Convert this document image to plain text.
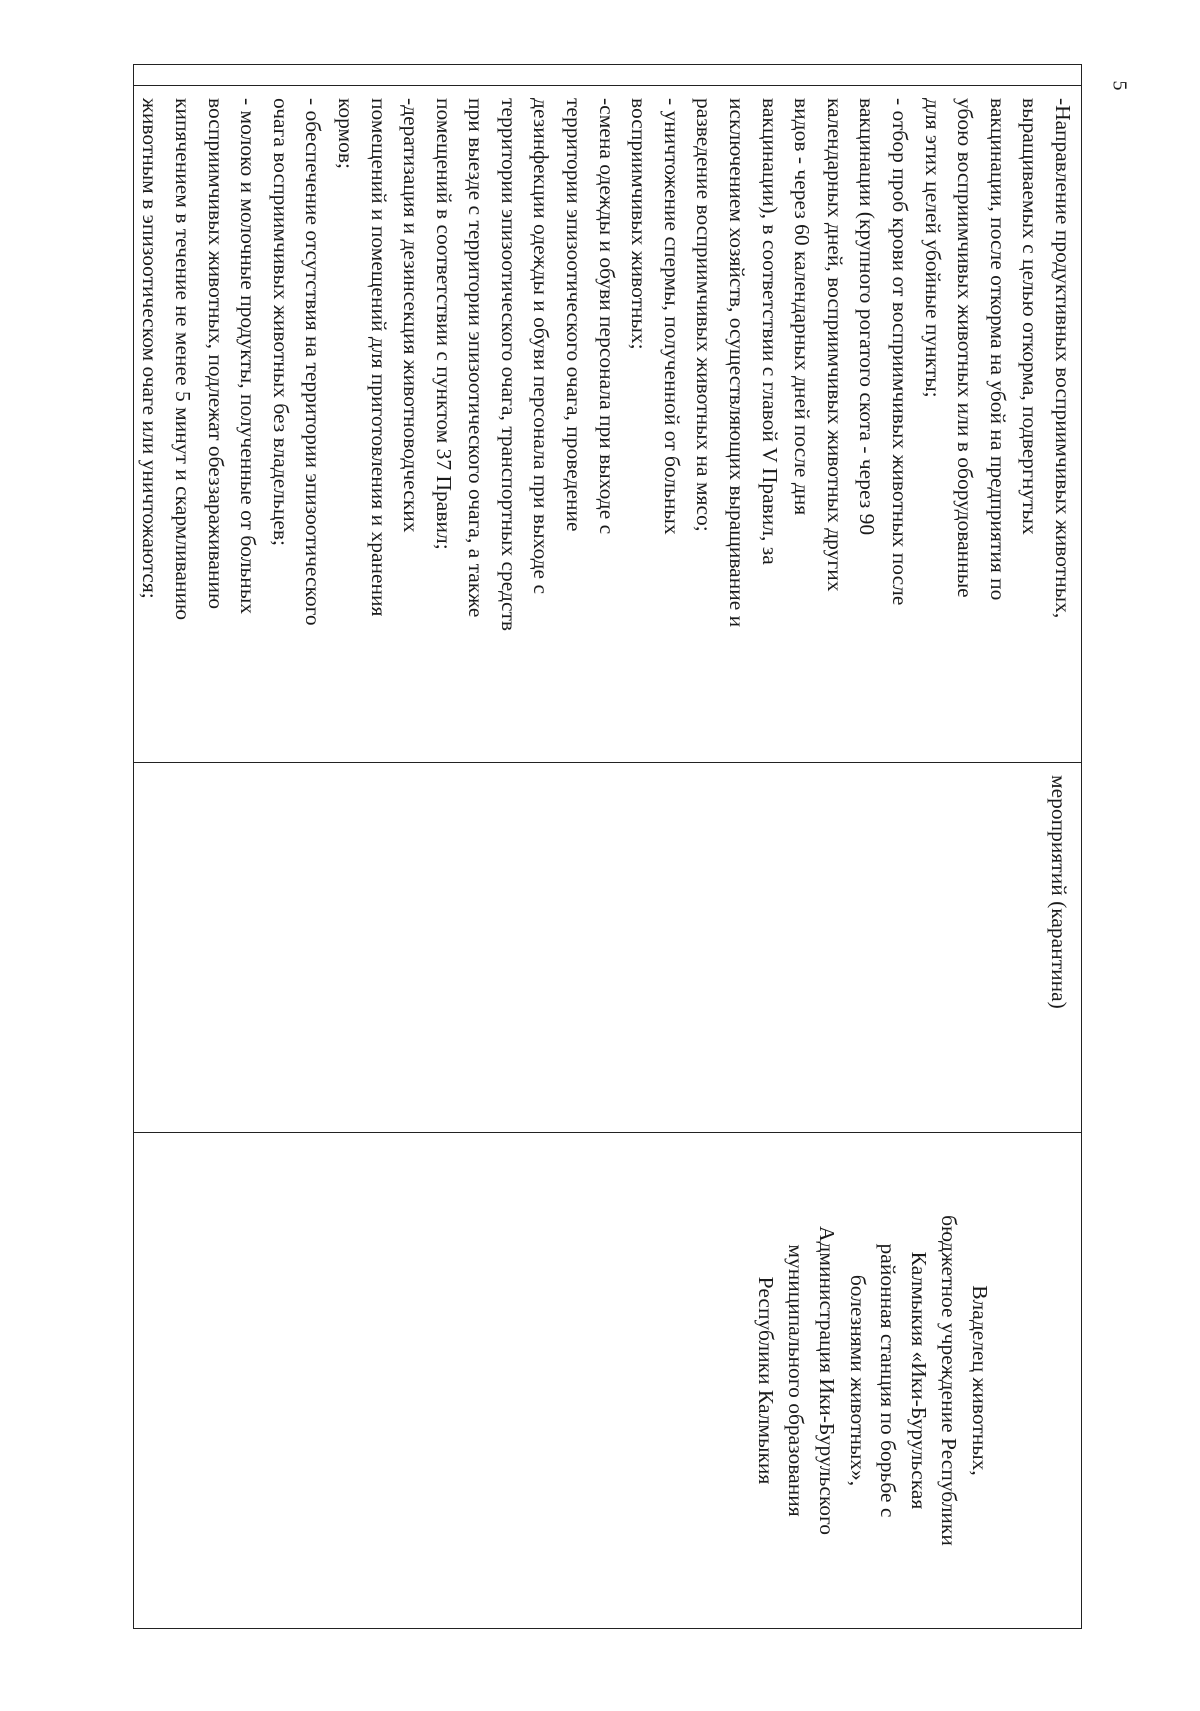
5

-Направление продуктивных восприимчивых животных,
выращиваемых с целью откорма, подвергнутых
вакцинации, после откорма на убой на предприятия по
убою восприимчивых животных или в оборудованные
для этих целей убойные пункты;
- отбор проб крови от восприимчивых животных после
вакцинации (крупного рогатого скота - через 90
календарных дней, восприимчивых животных других
видов - через 60 календарных дней после дня
вакцинации), в соответствии с главой V Правил, за
исключением хозяйств, осуществляющих выращивание и
разведение восприимчивых животных на мясо;
- уничтожение спермы, полученной от больных
восприимчивых животных;
-смена одежды и обуви персонала при выходе с
территории эпизоотического очага, проведение
дезинфекции одежды и обуви персонала при выходе с
территории эпизоотического очага, транспортных средств
при выезде с территории эпизоотического очага, а также
помещений в соответствии с пунктом 37 Правил;
-дератизация и дезинсекция животноводческих
помещений и помещений для приготовления и хранения
кормов;
- обеспечение отсутствия на территории эпизоотического
очага восприимчивых животных без владельцев;
- молоко и молочные продукты, полученные от больных
восприимчивых животных, подлежат обеззараживанию
кипячением в течение не менее 5 минут и скармливанию
животным в эпизоотическом очаге или уничтожаются;

мероприятий (карантина)

Владелец животных,
бюджетное учреждение Республики
Калмыкия «Ики-Бурульская
районная станция по борьбе с
болезнями животных»,
Администрация Ики-Бурульского
муниципального образования
Республики Калмыкия
